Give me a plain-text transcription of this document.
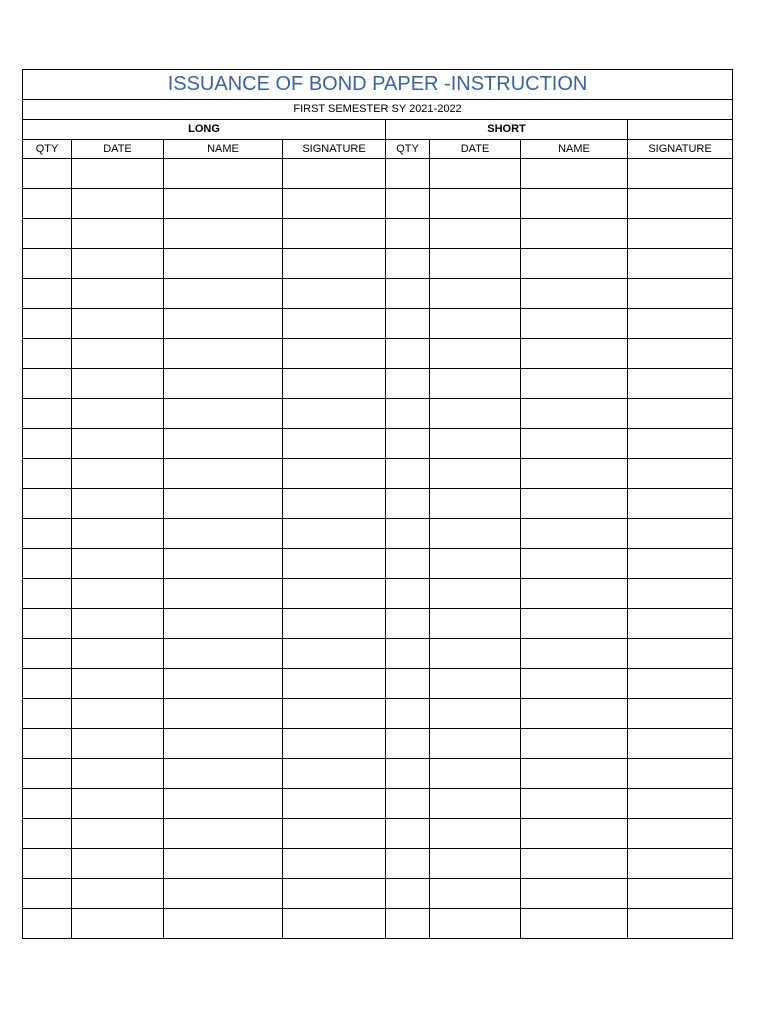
ISSUANCE OF BOND PAPER -INSTRUCTION							
FIRST SEMESTER SY 2021-2022							
LONG				SHORT			
QTY	DATE	NAME	SIGNATURE	QTY	DATE	NAME	SIGNATURE
